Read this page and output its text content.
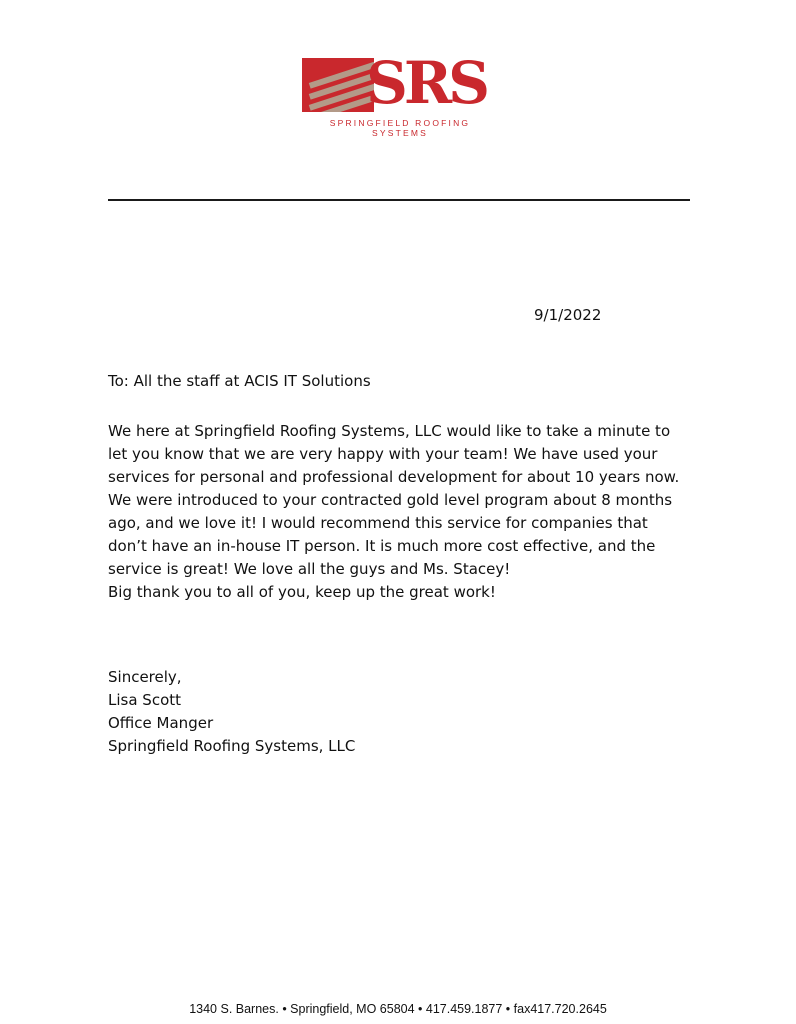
SRS
SPRINGFIELD ROOFING SYSTEMS
9/1/2022
To: All the staff at ACIS IT Solutions
We here at Springfield Roofing Systems, LLC would like to take a minute to
let you know that we are very happy with your team! We have used your
services for personal and professional development for about 10 years now.
We were introduced to your contracted gold level program about 8 months
ago, and we love it! I would recommend this service for companies that
don’t have an in-house IT person. It is much more cost effective, and the
service is great! We love all the guys and Ms. Stacey!
Big thank you to all of you, keep up the great work!
Sincerely,
Lisa Scott
Office Manger
Springfield Roofing Systems, LLC
1340 S. Barnes. • Springfield, MO 65804 • 417.459.1877 • fax417.720.2645
